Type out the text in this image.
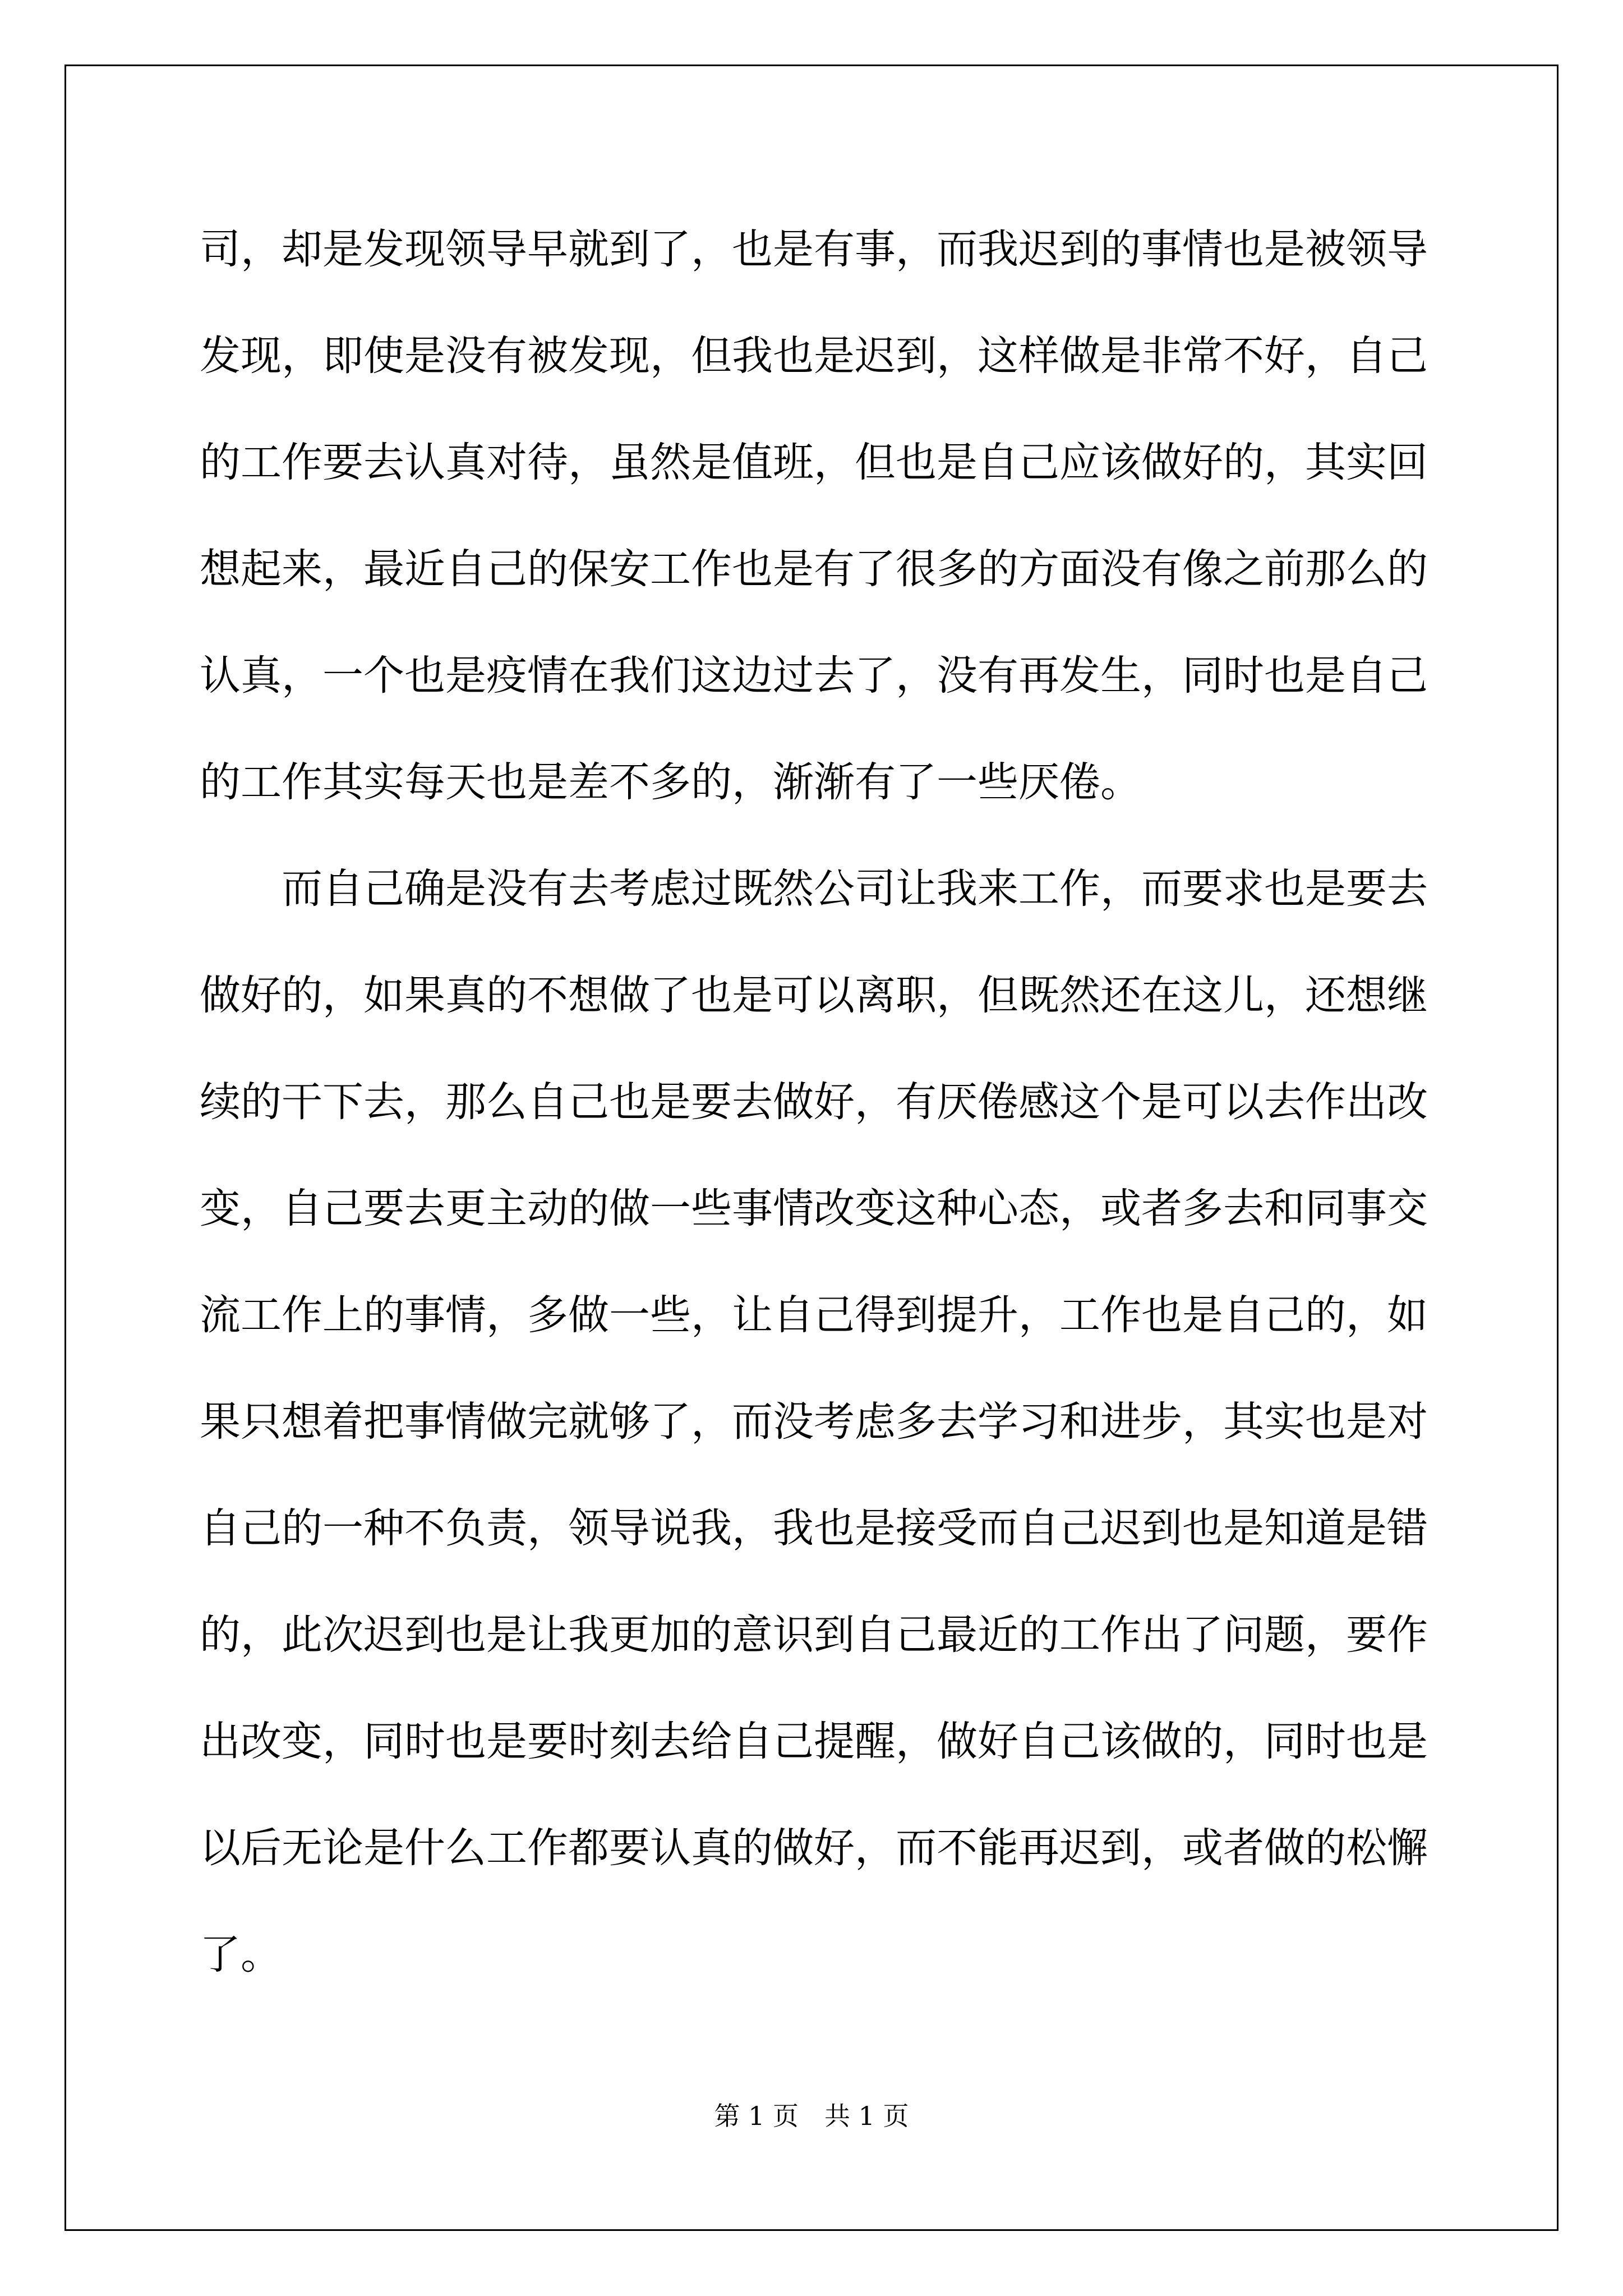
司，却是发现领导早就到了，也是有事，而我迟到的事情也是被领导
发现，即使是没有被发现，但我也是迟到，这样做是非常不好，自己
的工作要去认真对待，虽然是值班，但也是自己应该做好的，其实回
想起来，最近自己的保安工作也是有了很多的方面没有像之前那么的
认真，一个也是疫情在我们这边过去了，没有再发生，同时也是自己
的工作其实每天也是差不多的，渐渐有了一些厌倦。
而自己确是没有去考虑过既然公司让我来工作，而要求也是要去
做好的，如果真的不想做了也是可以离职，但既然还在这儿，还想继
续的干下去，那么自己也是要去做好，有厌倦感这个是可以去作出改
变，自己要去更主动的做一些事情改变这种心态，或者多去和同事交
流工作上的事情，多做一些，让自己得到提升，工作也是自己的，如
果只想着把事情做完就够了，而没考虑多去学习和进步，其实也是对
自己的一种不负责，领导说我，我也是接受而自己迟到也是知道是错
的，此次迟到也是让我更加的意识到自己最近的工作出了问题，要作
出改变，同时也是要时刻去给自己提醒，做好自己该做的，同时也是
以后无论是什么工作都要认真的做好，而不能再迟到，或者做的松懈
了。
第 1 页　共 1 页
